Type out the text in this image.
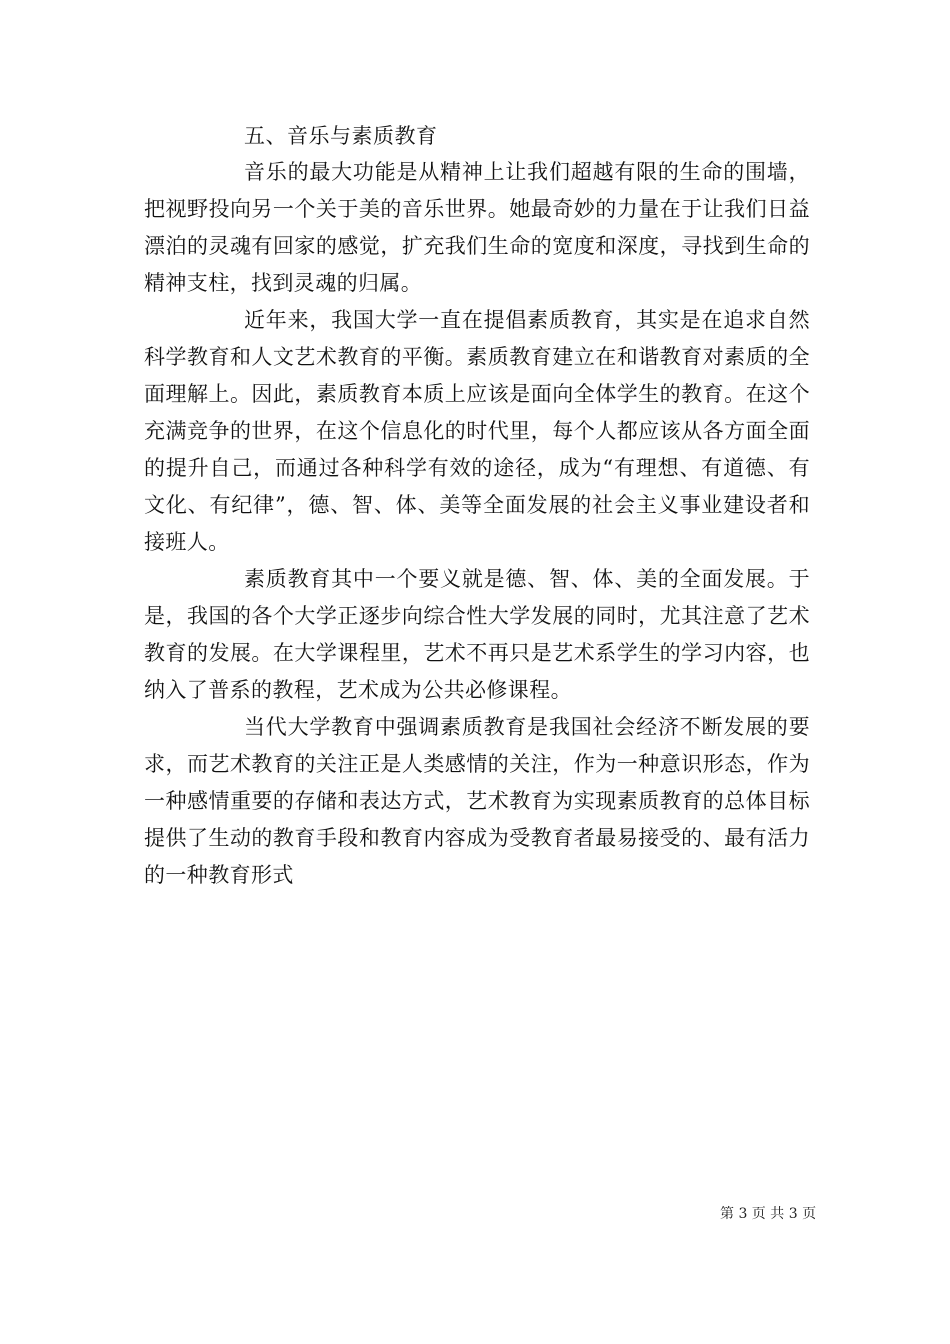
五、音乐与素质教育

音乐的最大功能是从精神上让我们超越有限的生命的围墙，把视野投向另一个关于美的音乐世界。她最奇妙的力量在于让我们日益漂泊的灵魂有回家的感觉，扩充我们生命的宽度和深度，寻找到生命的精神支柱，找到灵魂的归属。

近年来，我国大学一直在提倡素质教育，其实是在追求自然科学教育和人文艺术教育的平衡。素质教育建立在和谐教育对素质的全面理解上。因此，素质教育本质上应该是面向全体学生的教育。在这个充满竞争的世界，在这个信息化的时代里，每个人都应该从各方面全面的提升自己，而通过各种科学有效的途径，成为“有理想、有道德、有文化、有纪律”，德、智、体、美等全面发展的社会主义事业建设者和接班人。

素质教育其中一个要义就是德、智、体、美的全面发展。于是，我国的各个大学正逐步向综合性大学发展的同时，尤其注意了艺术教育的发展。在大学课程里，艺术不再只是艺术系学生的学习内容，也纳入了普系的教程，艺术成为公共必修课程。

当代大学教育中强调素质教育是我国社会经济不断发展的要求，而艺术教育的关注正是人类感情的关注，作为一种意识形态，作为一种感情重要的存储和表达方式，艺术教育为实现素质教育的总体目标提供了生动的教育手段和教育内容成为受教育者最易接受的、最有活力的一种教育形式

第 3 页 共 3 页
